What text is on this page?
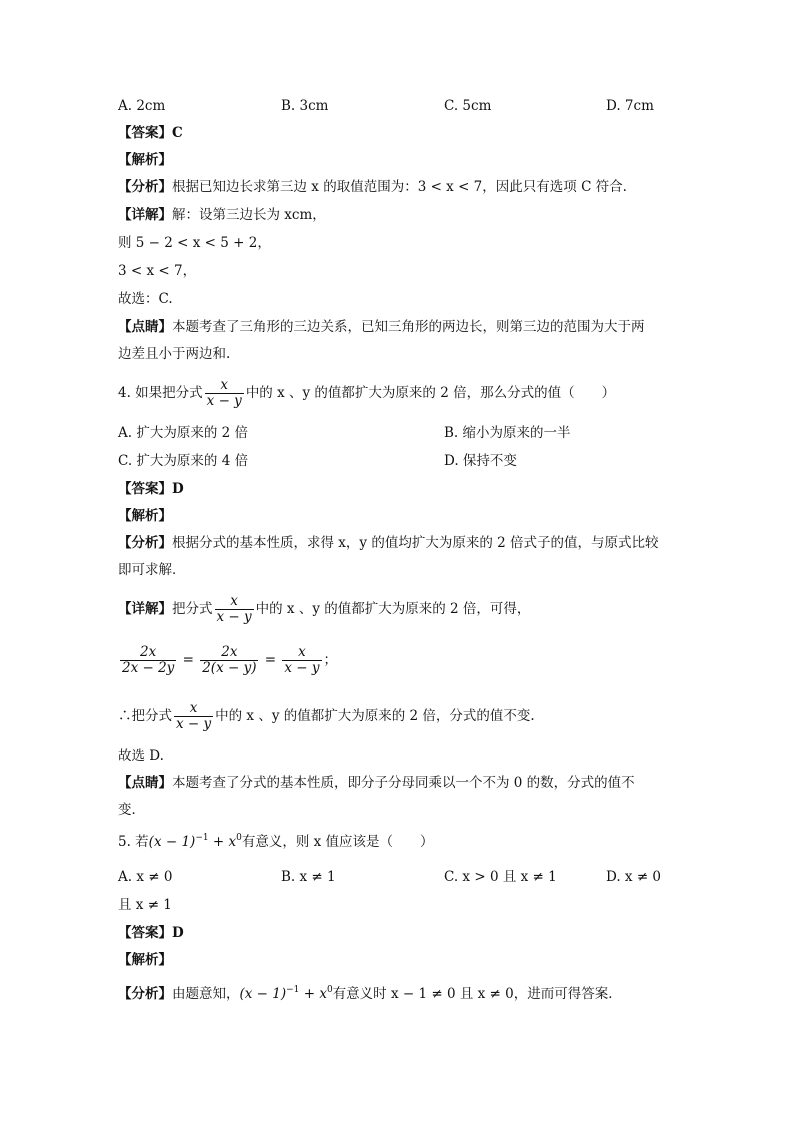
A. 2cm	B. 3cm	C. 5cm	D. 7cm
【答案】C
【解析】
【分析】根据已知边长求第三边 x 的取值范围为：3 < x < 7，因此只有选项 C 符合.
【详解】解：设第三边长为 xcm，
则 5 − 2 < x < 5 + 2，
3 < x < 7，
故选：C.
【点睛】本题考查了三角形的三边关系，已知三角形的两边长，则第三边的范围为大于两
边差且小于两边和.
4. 如果把分式 $\frac{x}{x - y}$ 中的 x 、y 的值都扩大为原来的 2 倍，那么分式的值（　　）
A. 扩大为原来的 2 倍	B. 缩小为原来的一半
C. 扩大为原来的 4 倍	D. 保持不变
【答案】D
【解析】
【分析】根据分式的基本性质，求得 x，y 的值均扩大为原来的 2 倍式子的值，与原式比较
即可求解．
【详解】把分式 $\frac{x}{x - y}$ 中的 x 、y 的值都扩大为原来的 2 倍，可得，
$\frac{2x}{2x - 2y} = \frac{2x}{2(x - y)} = \frac{x}{x - y}$ ；
∴把分式 $\frac{x}{x - y}$ 中的 x 、y 的值都扩大为原来的 2 倍，分式的值不变.
故选 D.
【点睛】本题考查了分式的基本性质，即分子分母同乘以一个不为 0 的数，分式的值不
变．
5. 若$(x - 1)^{-1} + x^0$有意义，则 x 值应该是（　　）
A. x ≠ 0	B. x ≠ 1	C. x > 0 且 x ≠ 1	D. x ≠ 0
且 x ≠ 1
【答案】D
【解析】
【分析】由题意知，$(x - 1)^{-1} + x^0$有意义时 x − 1 ≠ 0 且 x ≠ 0，进而可得答案．
